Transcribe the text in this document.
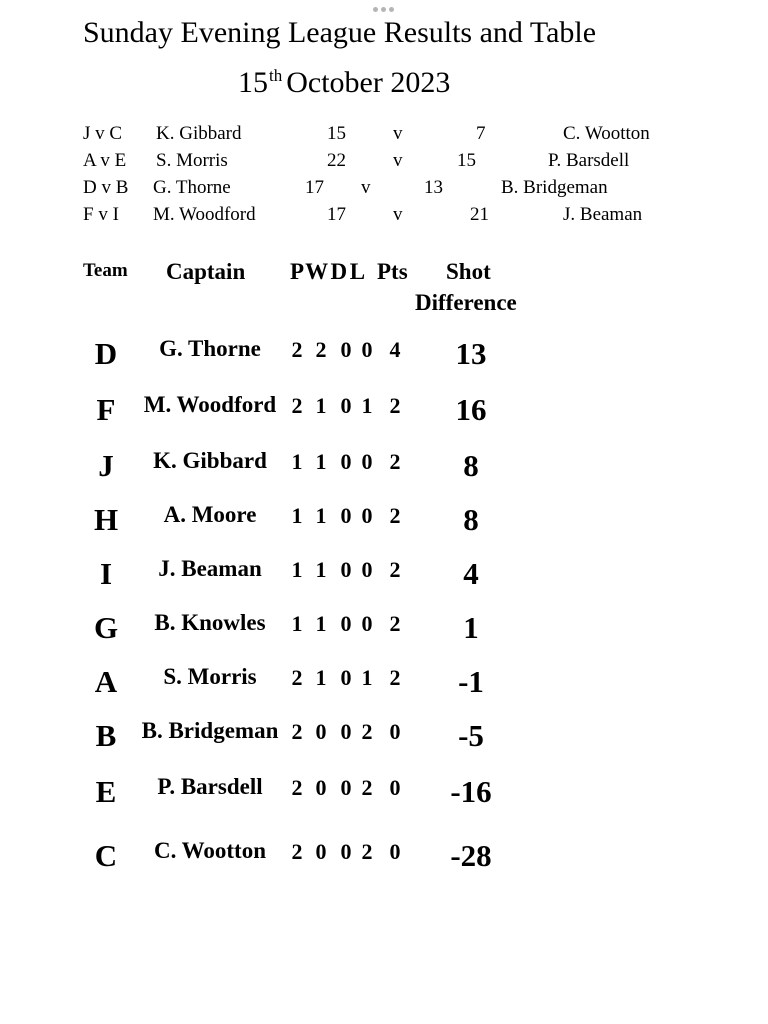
Sunday Evening League Results and Table
15th October 2023
J v C K. Gibbard	15 v	7	C. Wootton
A v E S. Morris	22 v	15	P. Barsdell
D v B G. Thorne	17 v	13	B. Bridgeman
F v I M. Woodford	17 v	21	J. Beaman
Team Captain P W D L Pts Shot
Difference
D	G. Thorne	2 2 0 0 4	13
F	M. Woodford 2 1 0 1 2	16
J	K. Gibbard	1 1 0 0 2	8
H	A. Moore	1 1 0 0 2	8
I	J. Beaman	1 1 0 0 2	4
G	B. Knowles	1 1 0 0 2	1
A	S. Morris	2 1 0 1 2	-1
B	B. Bridgeman 2 0 0 2 0	-5
E	P. Barsdell	2 0 0 2 0	-16
C	C. Wootton	2 0 0 2 0	-28
